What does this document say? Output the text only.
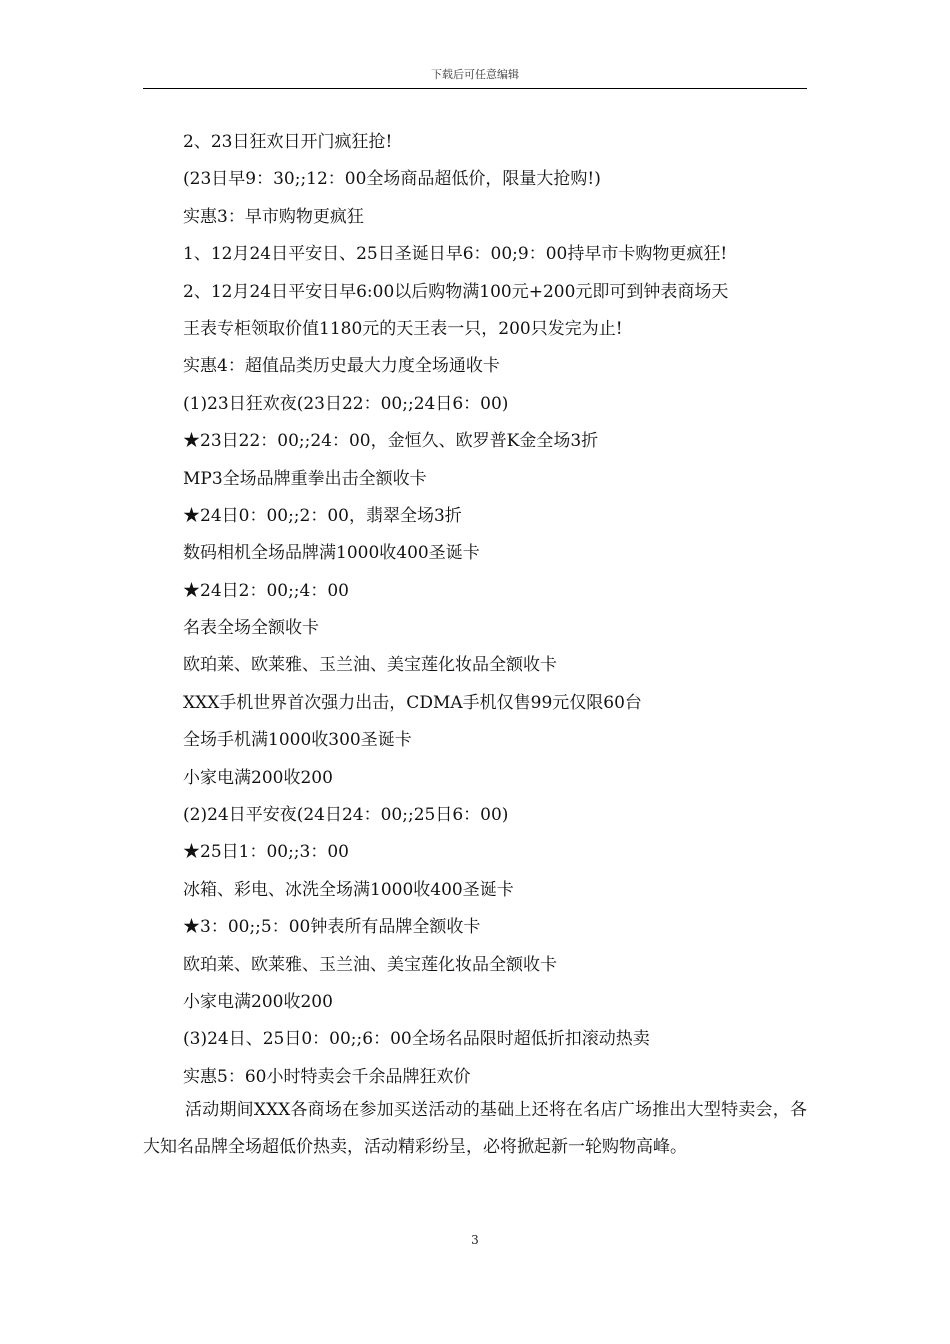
下载后可任意编辑
2、23日狂欢日开门疯狂抢!
(23日早9：30;;12：00全场商品超低价，限量大抢购!)
实惠3：早市购物更疯狂
1、12月24日平安日、25日圣诞日早6：00;9：00持早市卡购物更疯狂!
2、12月24日平安日早6:00以后购物满100元+200元即可到钟表商场天
王表专柜领取价值1180元的天王表一只，200只发完为止!
实惠4：超值品类历史最大力度全场通收卡
(1)23日狂欢夜(23日22：00;;24日6：00)
★23日22：00;;24：00，金恒久、欧罗普K金全场3折
MP3全场品牌重拳出击全额收卡
★24日0：00;;2：00，翡翠全场3折
数码相机全场品牌满1000收400圣诞卡
★24日2：00;;4：00
名表全场全额收卡
欧珀莱、欧莱雅、玉兰油、美宝莲化妆品全额收卡
XXX手机世界首次强力出击，CDMA手机仅售99元仅限60台
全场手机满1000收300圣诞卡
小家电满200收200
(2)24日平安夜(24日24：00;;25日6：00)
★25日1：00;;3：00
冰箱、彩电、冰洗全场满1000收400圣诞卡
★3：00;;5：00钟表所有品牌全额收卡
欧珀莱、欧莱雅、玉兰油、美宝莲化妆品全额收卡
小家电满200收200
(3)24日、25日0：00;;6：00全场名品限时超低折扣滚动热卖
实惠5：60小时特卖会千余品牌狂欢价
活动期间XXX各商场在参加买送活动的基础上还将在名店广场推出大型特卖会，各大知名品牌全场超低价热卖，活动精彩纷呈，必将掀起新一轮购物高峰。
3
